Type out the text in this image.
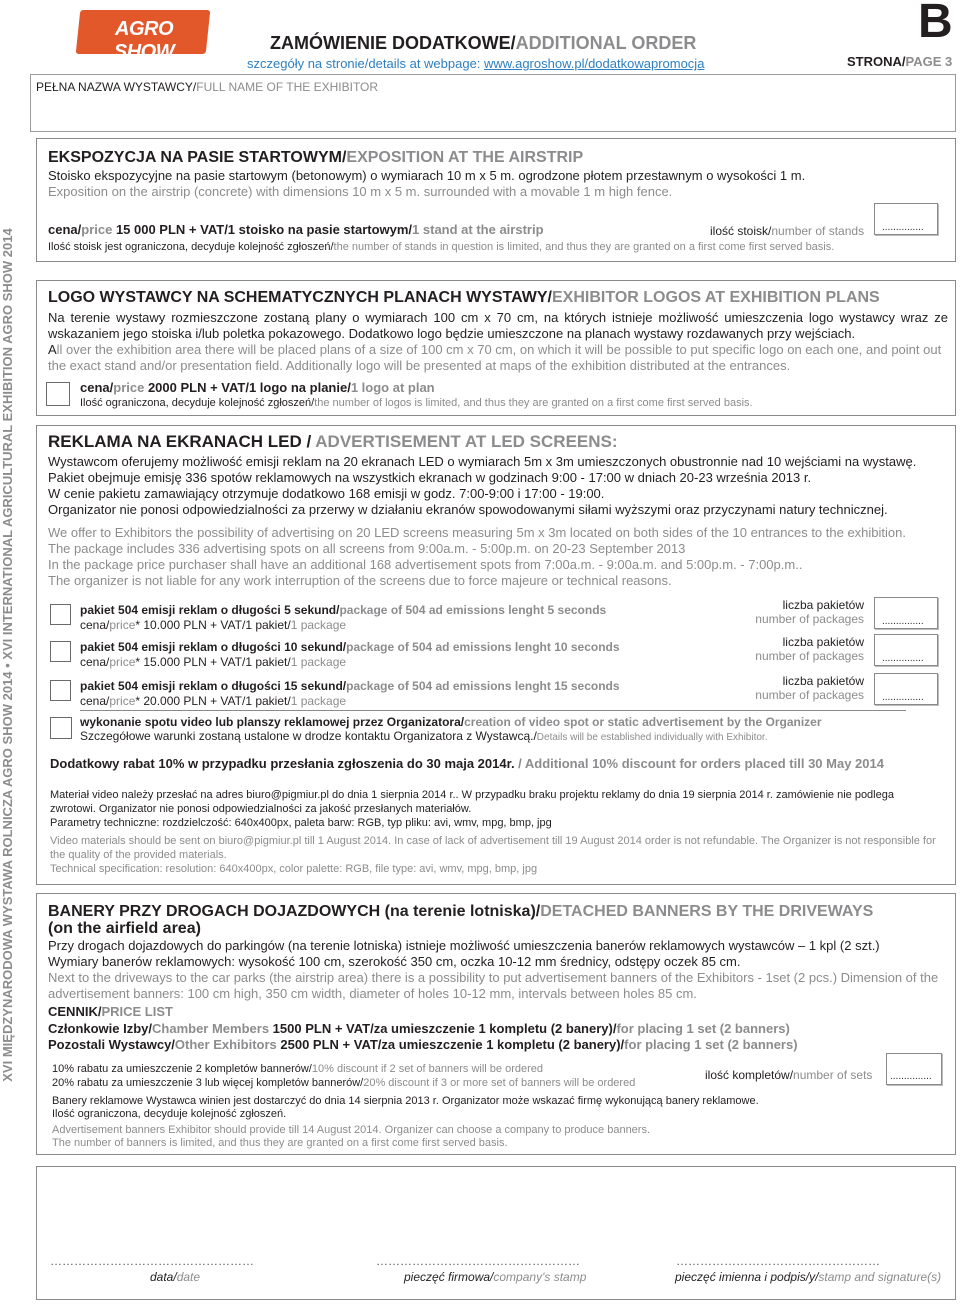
AGRO SHOW	ZAMÓWIENIE DODATKOWE/ADDITIONAL ORDER
szczegóły na stronie/details at webpage: www.agroshow.pl/dodatkowapromocja
B
STRONA/PAGE 3
PEŁNA NAZWA WYSTAWCY/FULL NAME OF THE EXHIBITOR
XVI MIĘDZYNARODOWA WYSTAWA ROLNICZA AGRO SHOW 2014 • XVI INTERNATIONAL AGRICULTURAL EXHIBITION AGRO SHOW 2014
EKSPOZYCJA NA PASIE STARTOWYM/EXPOSITION AT THE AIRSTRIP
Stoisko ekspozycyjne na pasie startowym (betonowym) o wymiarach 10 m x 5 m. ogrodzone płotem przestawnym o wysokości 1 m.
Exposition on the airstrip (concrete) with dimensions 10 m x 5 m. surrounded with a movable 1 m high fence.
cena/price 15 000 PLN + VAT/1 stoisko na pasie startowym/1 stand at the airstrip	ilość stoisk/number of stands ...............
Ilość stoisk jest ograniczona, decyduje kolejność zgłoszeń/the number of stands in question is limited, and thus they are granted on a first come first served basis.
LOGO WYSTAWCY NA SCHEMATYCZNYCH PLANACH WYSTAWY/EXHIBITOR LOGOS AT EXHIBITION PLANS
Na terenie wystawy rozmieszczone zostaną plany o wymiarach 100 cm x 70 cm, na których istnieje możliwość umieszczenia logo wystawcy wraz ze wskazaniem jego stoiska i/lub poletka pokazowego. Dodatkowo logo będzie umieszczone na planach wystawy rozdawanych przy wejściach.
All over the exhibition area there will be placed plans of a size of 100 cm x 70 cm, on which it will be possible to put specific logo on each one, and point out the exact stand and/or presentation field. Additionally logo will be presented at maps of the exhibition distributed at the entrances.
cena/price 2000 PLN + VAT/1 logo na planie/1 logo at plan
Ilość ograniczona, decyduje kolejność zgłoszeń/the number of logos is limited, and thus they are granted on a first come first served basis.
REKLAMA NA EKRANACH LED / ADVERTISEMENT AT LED SCREENS:
Wystawcom oferujemy możliwość emisji reklam na 20 ekranach LED o wymiarach 5m x 3m umieszczonych obustronnie nad 10 wejściami na wystawę.
Pakiet obejmuje emisję 336 spotów reklamowych na wszystkich ekranach w godzinach 9:00 - 17:00 w dniach 20-23 września 2013 r.
W cenie pakietu zamawiający otrzymuje dodatkowo 168 emisji w godz. 7:00-9:00 i 17:00 - 19:00.
Organizator nie ponosi odpowiedzialności za przerwy w działaniu ekranów spowodowanymi siłami wyższymi oraz przyczynami natury technicznej.
We offer to Exhibitors the possibility of advertising on 20 LED screens measuring 5m x 3m located on both sides of the 10 entrances to the exhibition.
The package includes 336 advertising spots on all screens from 9:00a.m. - 5:00p.m. on 20-23 September 2013
In the package price purchaser shall have an additional 168 advertisement spots from 7:00a.m. - 9:00a.m. and 5:00p.m. - 7:00p.m..
The organizer is not liable for any work interruption of the screens due to force majeure or technical reasons.
pakiet 504 emisji reklam o długości 5 sekund/package of 504 ad emissions lenght 5 seconds
cena/price* 10.000 PLN + VAT/1 pakiet/1 package
liczba pakietów
number of packages ...............
pakiet 504 emisji reklam o długości 10 sekund/package of 504 ad emissions lenght 10 seconds
cena/price* 15.000 PLN + VAT/1 pakiet/1 package
liczba pakietów
number of packages ...............
pakiet 504 emisji reklam o długości 15 sekund/package of 504 ad emissions lenght 15 seconds
cena/price* 20.000 PLN + VAT/1 pakiet/1 package
liczba pakietów
number of packages ...............
wykonanie spotu video lub planszy reklamowej przez Organizatora/creation of video spot or static advertisement by the Organizer
Szczegółowe warunki zostaną ustalone w drodze kontaktu Organizatora z Wystawcą./Details will be established individually with Exhibitor.
Dodatkowy rabat 10% w przypadku przesłania zgłoszenia do 30 maja 2014r. / Additional 10% discount for orders placed till 30 May 2014
Materiał video należy przesłać na adres biuro@pigmiur.pl do dnia 1 sierpnia 2014 r.. W przypadku braku projektu reklamy do dnia 19 sierpnia 2014 r. zamówienie nie podlega zwrotowi. Organizator nie ponosi odpowiedzialności za jakość przesłanych materiałów.
Parametry techniczne: rozdzielczość: 640x400px, paleta barw: RGB, typ pliku: avi, wmv, mpg, bmp, jpg
Video materials should be sent on biuro@pigmiur.pl till 1 August 2014. In case of lack of advertisement till 19 August 2014 order is not refundable. The Organizer is not responsible for the quality of the provided materials.
Technical specification: resolution: 640x400px, color palette: RGB, file type: avi, wmv, mpg, bmp, jpg
BANERY PRZY DROGACH DOJAZDOWYCH (na terenie lotniska)/DETACHED BANNERS BY THE DRIVEWAYS
(on the airfield area)
Przy drogach dojazdowych do parkingów (na terenie lotniska) istnieje możliwość umieszczenia banerów reklamowych wystawców – 1 kpl (2 szt.)
Wymiary banerów reklamowych: wysokość 100 cm, szerokość 350 cm, oczka 10-12 mm średnicy, odstępy oczek 85 cm.
Next to the driveways to the car parks (the airstrip area) there is a possibility to put advertisement banners of the Exhibitors - 1set (2 pcs.) Dimension of the advertisement banners: 100 cm high, 350 cm width, diameter of holes 10-12 mm, intervals between holes 85 cm.
CENNIK/PRICE LIST
Członkowie Izby/Chamber Members 1500 PLN + VAT/za umieszczenie 1 kompletu (2 banery)/for placing 1 set (2 banners)
Pozostali Wystawcy/Other Exhibitors 2500 PLN + VAT/za umieszczenie 1 kompletu (2 banery)/for placing 1 set (2 banners)
10% rabatu za umieszczenie 2 kompletów bannerów/10% discount if 2 set of banners will be ordered
20% rabatu za umieszczenie 3 lub więcej kompletów bannerów/20% discount if 3 or more set of banners will be ordered
ilość kompletów/number of sets ...............
Banery reklamowe Wystawca winien jest dostarczyć do dnia 14 sierpnia 2013 r. Organizator może wskazać firmę wykonującą banery reklamowe.
Ilość ograniczona, decyduje kolejność zgłoszeń.
Advertisement banners Exhibitor should provide till 14 August 2014. Organizer can choose a company to produce banners.
The number of banners is limited, and thus they are granted on a first come first served basis.
……………………………………………	……………………………………………	……………………………………………
data/date	pieczęć firmowa/company's stamp	pieczęć imienna i podpis/y/stamp and signature(s)
